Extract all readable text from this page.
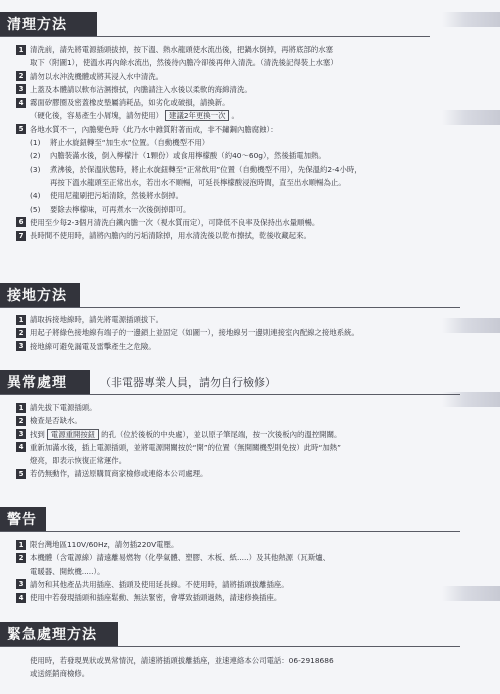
清理方法
1 清洗前，請先將電源插頭拔掉，按下溫、熱水龍頭使水流出後，把鍋水倒掉，再將底部的水塞
取下（附圖1），使溫水再內餘水流出，然後待內膽冷卻後再伸入清洗。（清洗後記得裝上水塞）
2 請勿以水沖洗機體或將其浸入水中清洗。
3 上蓋及本體請以軟布沾濕擦拭，內膽請注入水後以柔軟的海綿清洗。
4 霧面矽膠圈及密蓋橡皮墊屬消耗品，如劣化或破損，請換新。
（硬化後，容易產生小屑塊，請勿使用） 建議2年更換一次 。
5 各地水質不一，內膽變色時（此乃水中雜質附著而成，非不鏽鋼內膽腐蝕）：
(1)	將止水旋鈕轉至“加生水”位置。（自動機型不用）
(2)	內膽裝滿水後，倒入檸檬汁（1顆份）或食用檸檬酸（約40～60g），然後插電加熱。
(3)	煮沸後，於保溫狀態時，將止水旋鈕轉至“正常飲用”位置（自動機型不用），先保溫約2-4小時，
再按下溫水龍頭至正常出水，若出水不順暢，可延長檸檬酸浸泡時間，直至出水順暢為止。
(4)	使用尼龍刷把污垢清除，然後將水倒掉。
(5)	要除去檸檬味，可再煮水一次後倒掉即可。
6 使用至少每2-3個月清洗白鐵內膽一次（視水質而定），可降低不良率及保持出水量順暢。
7 長時間不使用時，請將內膽內的污垢清除掉，用水清洗後以乾布擦拭，乾後收藏起來。
接地方法
1 請取拆接地線時，請先將電源插頭拔下。
2 用起子將綠色接地線有端子的一邊鎖上並固定（如圖一），接地線另一邊則連接室內配線之接地系統。
3 接地線可避免漏電及雷擊產生之危險。
異常處理	（非電器專業人員，請勿自行檢修）
1 請先拔下電源插頭。
2 檢查是否缺水。
3 找到 電源重開按鈕 的孔（位於後板的中央處），並以原子筆尾端，按一次後板內的溫控開關。
4 重新加滿水後，插上電源插頭，並將電源開關按於“開”的位置（無開關機型則免按）此時“加熱”
燈亮，即表示恢復正常運作。
5 若仍無動作，請送原購買商家檢修或連絡本公司處理。
警告
1 限台灣地區110V/60Hz，請勿插220V電壓。
2 本機體（含電源線）請遠離易燃物（化學氣體、塑膠、木板、紙.....）及其他熱源（瓦斯爐、
電暖器、開飲機.....）。
3 請勿和其他產品共用插座、插頭及使用延長線。不使用時，請將插頭拔離插座。
4 使用中若發現插頭和插座鬆動、無法緊密，會導致插頭過熱，請速修換插座。
緊急處理方法
使用時，若發現異狀或異常情況，請速將插頭拔離插座，並速連絡本公司電話：06-2918686
或送經銷商檢修。
